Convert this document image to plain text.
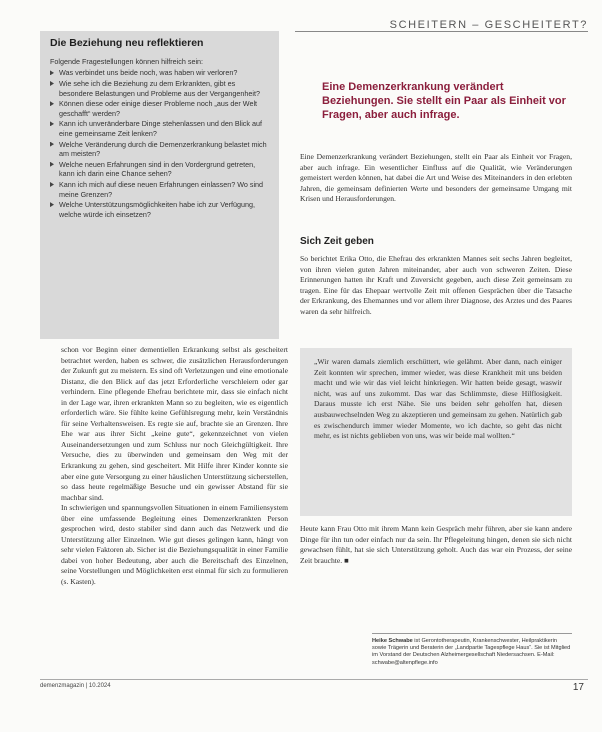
SCHEITERN – GESCHEITERT?
Die Beziehung neu reflektieren

Folgende Fragestellungen können hilfreich sein:

Was verbindet uns beide noch, was haben wir verloren?
Wie sehe ich die Beziehung zu dem Erkrankten, gibt es besondere Belastungen und Probleme aus der Vergangenheit?
Können diese oder einige dieser Probleme noch „aus der Welt geschafft“ werden?
Kann ich unveränderbare Dinge stehenlassen und den Blick auf eine gemeinsame Zeit lenken?
Welche Veränderung durch die Demenzerkrankung belastet mich am meisten?
Welche neuen Erfahrungen sind in den Vordergrund getreten, kann ich darin eine Chance sehen?
Kann ich mich auf diese neuen Erfahrungen einlassen? Wo sind meine Grenzen?
Welche Unterstützungsmöglichkeiten habe ich zur Verfügung, welche würde ich einsetzen?

Eine Demenzerkrankung verändert Beziehungen. Sie stellt ein Paar als Einheit vor Fragen, aber auch infrage.

Eine Demenzerkrankung verändert Beziehungen, stellt ein Paar als Einheit vor Fragen, aber auch infrage. Ein wesentlicher Einfluss auf die Qualität, wie Veränderungen gemeistert werden können, hat dabei die Art und Weise des Miteinanders in den erlebten Jahren, die gemeinsam definierten Werte und besonders der gemeinsame Umgang mit Krisen und Herausforderungen.

Sich Zeit geben

So berichtet Erika Otto, die Ehefrau des erkrankten Mannes seit sechs Jahren begleitet, von ihren vielen guten Jahren miteinander, aber auch von schweren Zeiten. Diese Erinnerungen hatten ihr Kraft und Zuversicht gegeben, auch diese Zeit gemeinsam zu tragen. Eine für das Ehepaar wertvolle Zeit mit offenen Gesprächen über die Tatsache der Erkrankung, des Ehemannes und vor allem ihrer Diagnose, des Arztes und des Paares waren da sehr hilfreich.

„Wir waren damals ziemlich erschüttert, wie gelähmt. Aber dann, nach einiger Zeit konnten wir sprechen, immer wieder, was diese Krankheit mit uns beiden macht und wie wir das viel leicht hinkriegen. Wir hatten beide gesagt, waswir nicht, was auf uns zukommt. Das war das Schlimmste, diese Hilflosigkeit. Daraus musste ich erst Nähe. Sie uns beiden sehr geholfen hat, diesen ausbauwechselnden Weg zu akzeptieren und gemeinsam zu gehen. Natürlich gab es zwischendurch immer wieder Momente, wo ich dachte, so geht das nicht mehr, es ist nichts geblieben von uns, was wir beide mal wollten.“

Heute kann Frau Otto mit ihrem Mann kein Gespräch mehr führen, aber sie kann andere Dinge für ihn tun oder einfach nur da sein. Ihr Pflegeleitung hingen, denen sie sich nicht gewachsen fühlt, hat sie sich Unterstützung geholt. Auch das war ein Prozess, der seine Zeit brauchte. ■

schon vor Beginn einer dementiellen Erkrankung selbst als gescheitert betrachtet werden, haben es schwer, die zusätzlichen Herausforderungen der Zukunft gut zu meistern. Es sind oft Verletzungen und eine emotionale Distanz, die den Blick auf das jetzt Erforderliche verschleiern oder gar verhindern. Eine pflegende Ehefrau berichtete mir, dass sie einfach nicht in der Lage war, ihren erkrankten Mann so zu begleiten, wie es eigentlich erforderlich wäre. Sie fühlte keine Gefühlsregung mehr, kein Verständnis für seine Verhaltensweisen. Es regte sie auf, brachte sie an Grenzen. Ihre Ehe war aus ihrer Sicht „keine gute“, gekennzeichnet von vielen Auseinandersetzungen und zum Schluss nur noch Gleichgültigkeit. Ihre Versuche, dies zu überwinden und gemeinsam den Weg mit der Erkrankung zu gehen, sind gescheitert. Mit Hilfe ihrer Kinder konnte sie aber eine gute Versorgung zu einer häuslichen Unterstützung sicherstellen, so dass heute regelmäßige Besuche und ein gewisser Abstand für sie machbar sind.

In schwierigen und spannungsvollen Situationen in einem Familiensystem über eine umfassende Begleitung eines Demenzerkrankten Person gesprochen wird, desto stabiler sind dann auch das Netzwerk und die Unterstützung aller Einzelnen. Wie gut dieses gelingen kann, hängt von sehr vielen Faktoren ab. Sicher ist die Beziehungsqualität in einer Familie dabei von hoher Bedeutung, aber auch die Bereitschaft des Einzelnen, seine Vorstellungen und Möglichkeiten erst einmal für sich zu formulieren (s. Kasten).

Heike Schwabe ist Gerontotherapeutin, Krankenschwester, Heilpraktikerin sowie Trägerin und Beraterin der „Landpartie Tagespflege Haus“. Sie ist Mitglied im Vorstand der Deutschen Alzheimergesellschaft Niedersachsen. E-Mail: schwabe@altenpflege.info

demenzmagazin | 10.2024	17
